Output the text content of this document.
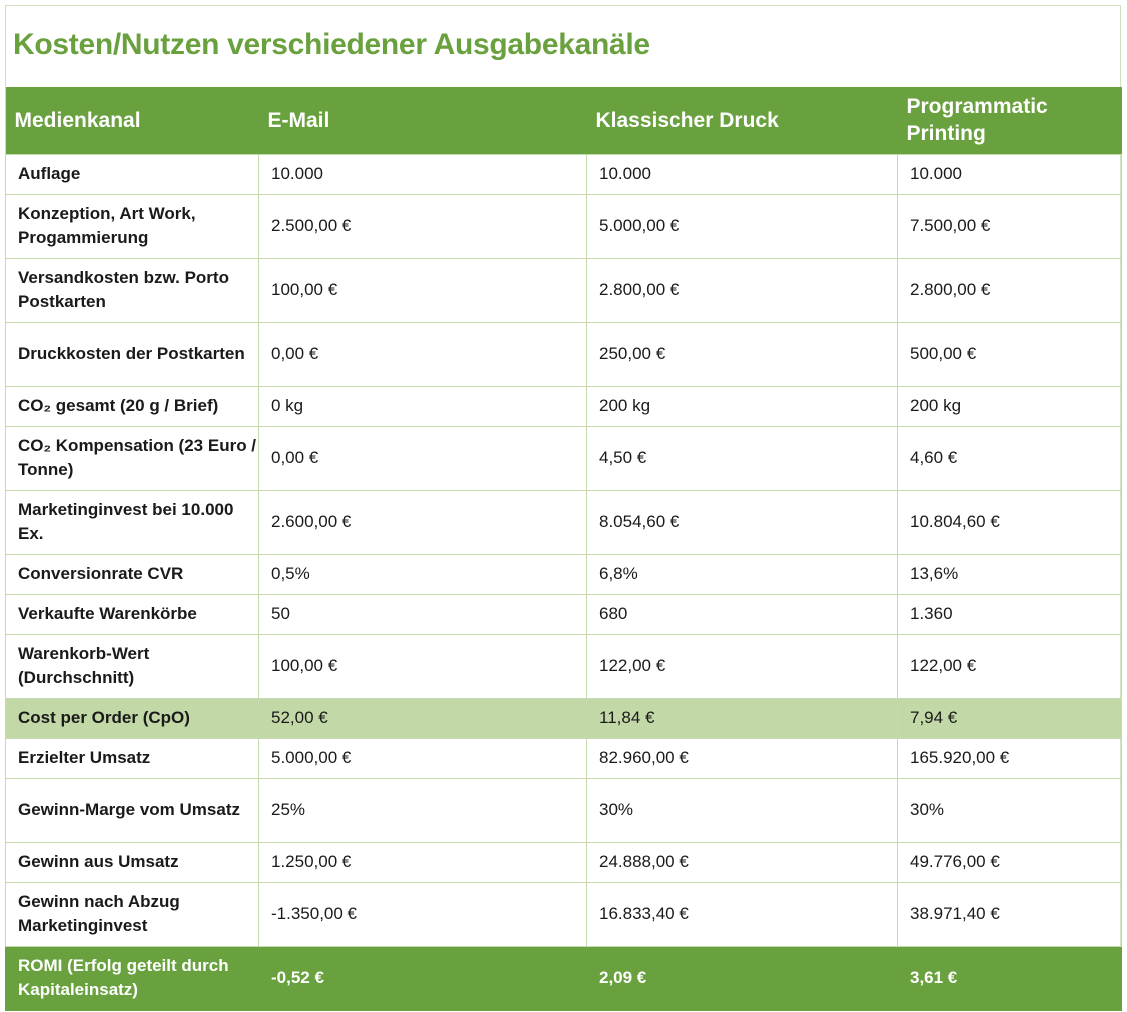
Kosten/Nutzen verschiedener Ausgabekanäle
Medienkanal	E-Mail	Klassischer Druck	Programmatic Printing
Auflage	10.000	10.000	10.000
Konzeption, Art Work, Progammierung	2.500,00 €	5.000,00 €	7.500,00 €
Versandkosten bzw. Porto Postkarten	100,00 €	2.800,00 €	2.800,00 €
Druckkosten der Postkarten	0,00 €	250,00 €	500,00 €
CO₂ gesamt (20 g / Brief)	0 kg	200 kg	200 kg
CO₂ Kompensation (23 Euro / Tonne)	0,00 €	4,50 €	4,60 €
Marketinginvest bei 10.000 Ex.	2.600,00 €	8.054,60 €	10.804,60 €
Conversionrate CVR	0,5%	6,8%	13,6%
Verkaufte Warenkörbe	50	680	1.360
Warenkorb-Wert (Durchschnitt)	100,00 €	122,00 €	122,00 €
Cost per Order (CpO)	52,00 €	11,84 €	7,94 €
Erzielter Umsatz	5.000,00 €	82.960,00 €	165.920,00 €
Gewinn-Marge vom Umsatz	25%	30%	30%
Gewinn aus Umsatz	1.250,00 €	24.888,00 €	49.776,00 €
Gewinn nach Abzug Marketinginvest	-1.350,00 €	16.833,40 €	38.971,40 €
ROMI (Erfolg geteilt durch Kapitaleinsatz)	-0,52 €	2,09 €	3,61 €
